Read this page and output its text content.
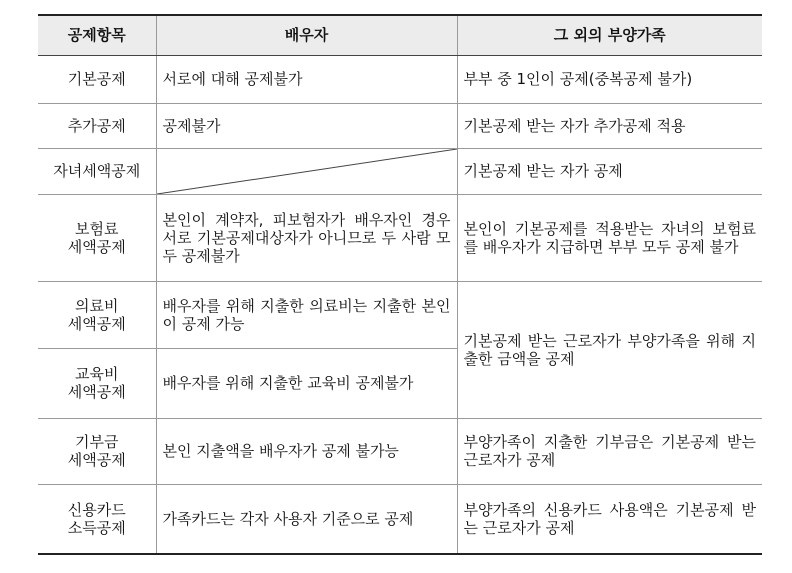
공제항목	배우자	그 외의 부양가족
기본공제	서로에 대해 공제불가	부부 중 1인이 공제(중복공제 불가)
추가공제	공제불가	기본공제 받는 자가 추가공제 적용
자녀세액공제		기본공제 받는 자가 공제
보험료
세액공제	본인이 계약자, 피보험자가 배우자인 경우 서로 기본공제대상자가 아니므로 두 사람 모두 공제불가	본인이 기본공제를 적용받는 자녀의 보험료를 배우자가 지급하면 부부 모두 공제 불가
의료비
세액공제	배우자를 위해 지출한 의료비는 지출한 본인이 공제 가능	기본공제 받는 근로자가 부양가족을 위해 지출한 금액을 공제
교육비
세액공제	배우자를 위해 지출한 교육비 공제불가	
기부금
세액공제	본인 지출액을 배우자가 공제 불가능	부양가족이 지출한 기부금은 기본공제 받는 근로자가 공제
신용카드
소득공제	가족카드는 각자 사용자 기준으로 공제	부양가족의 신용카드 사용액은 기본공제 받는 근로자가 공제
